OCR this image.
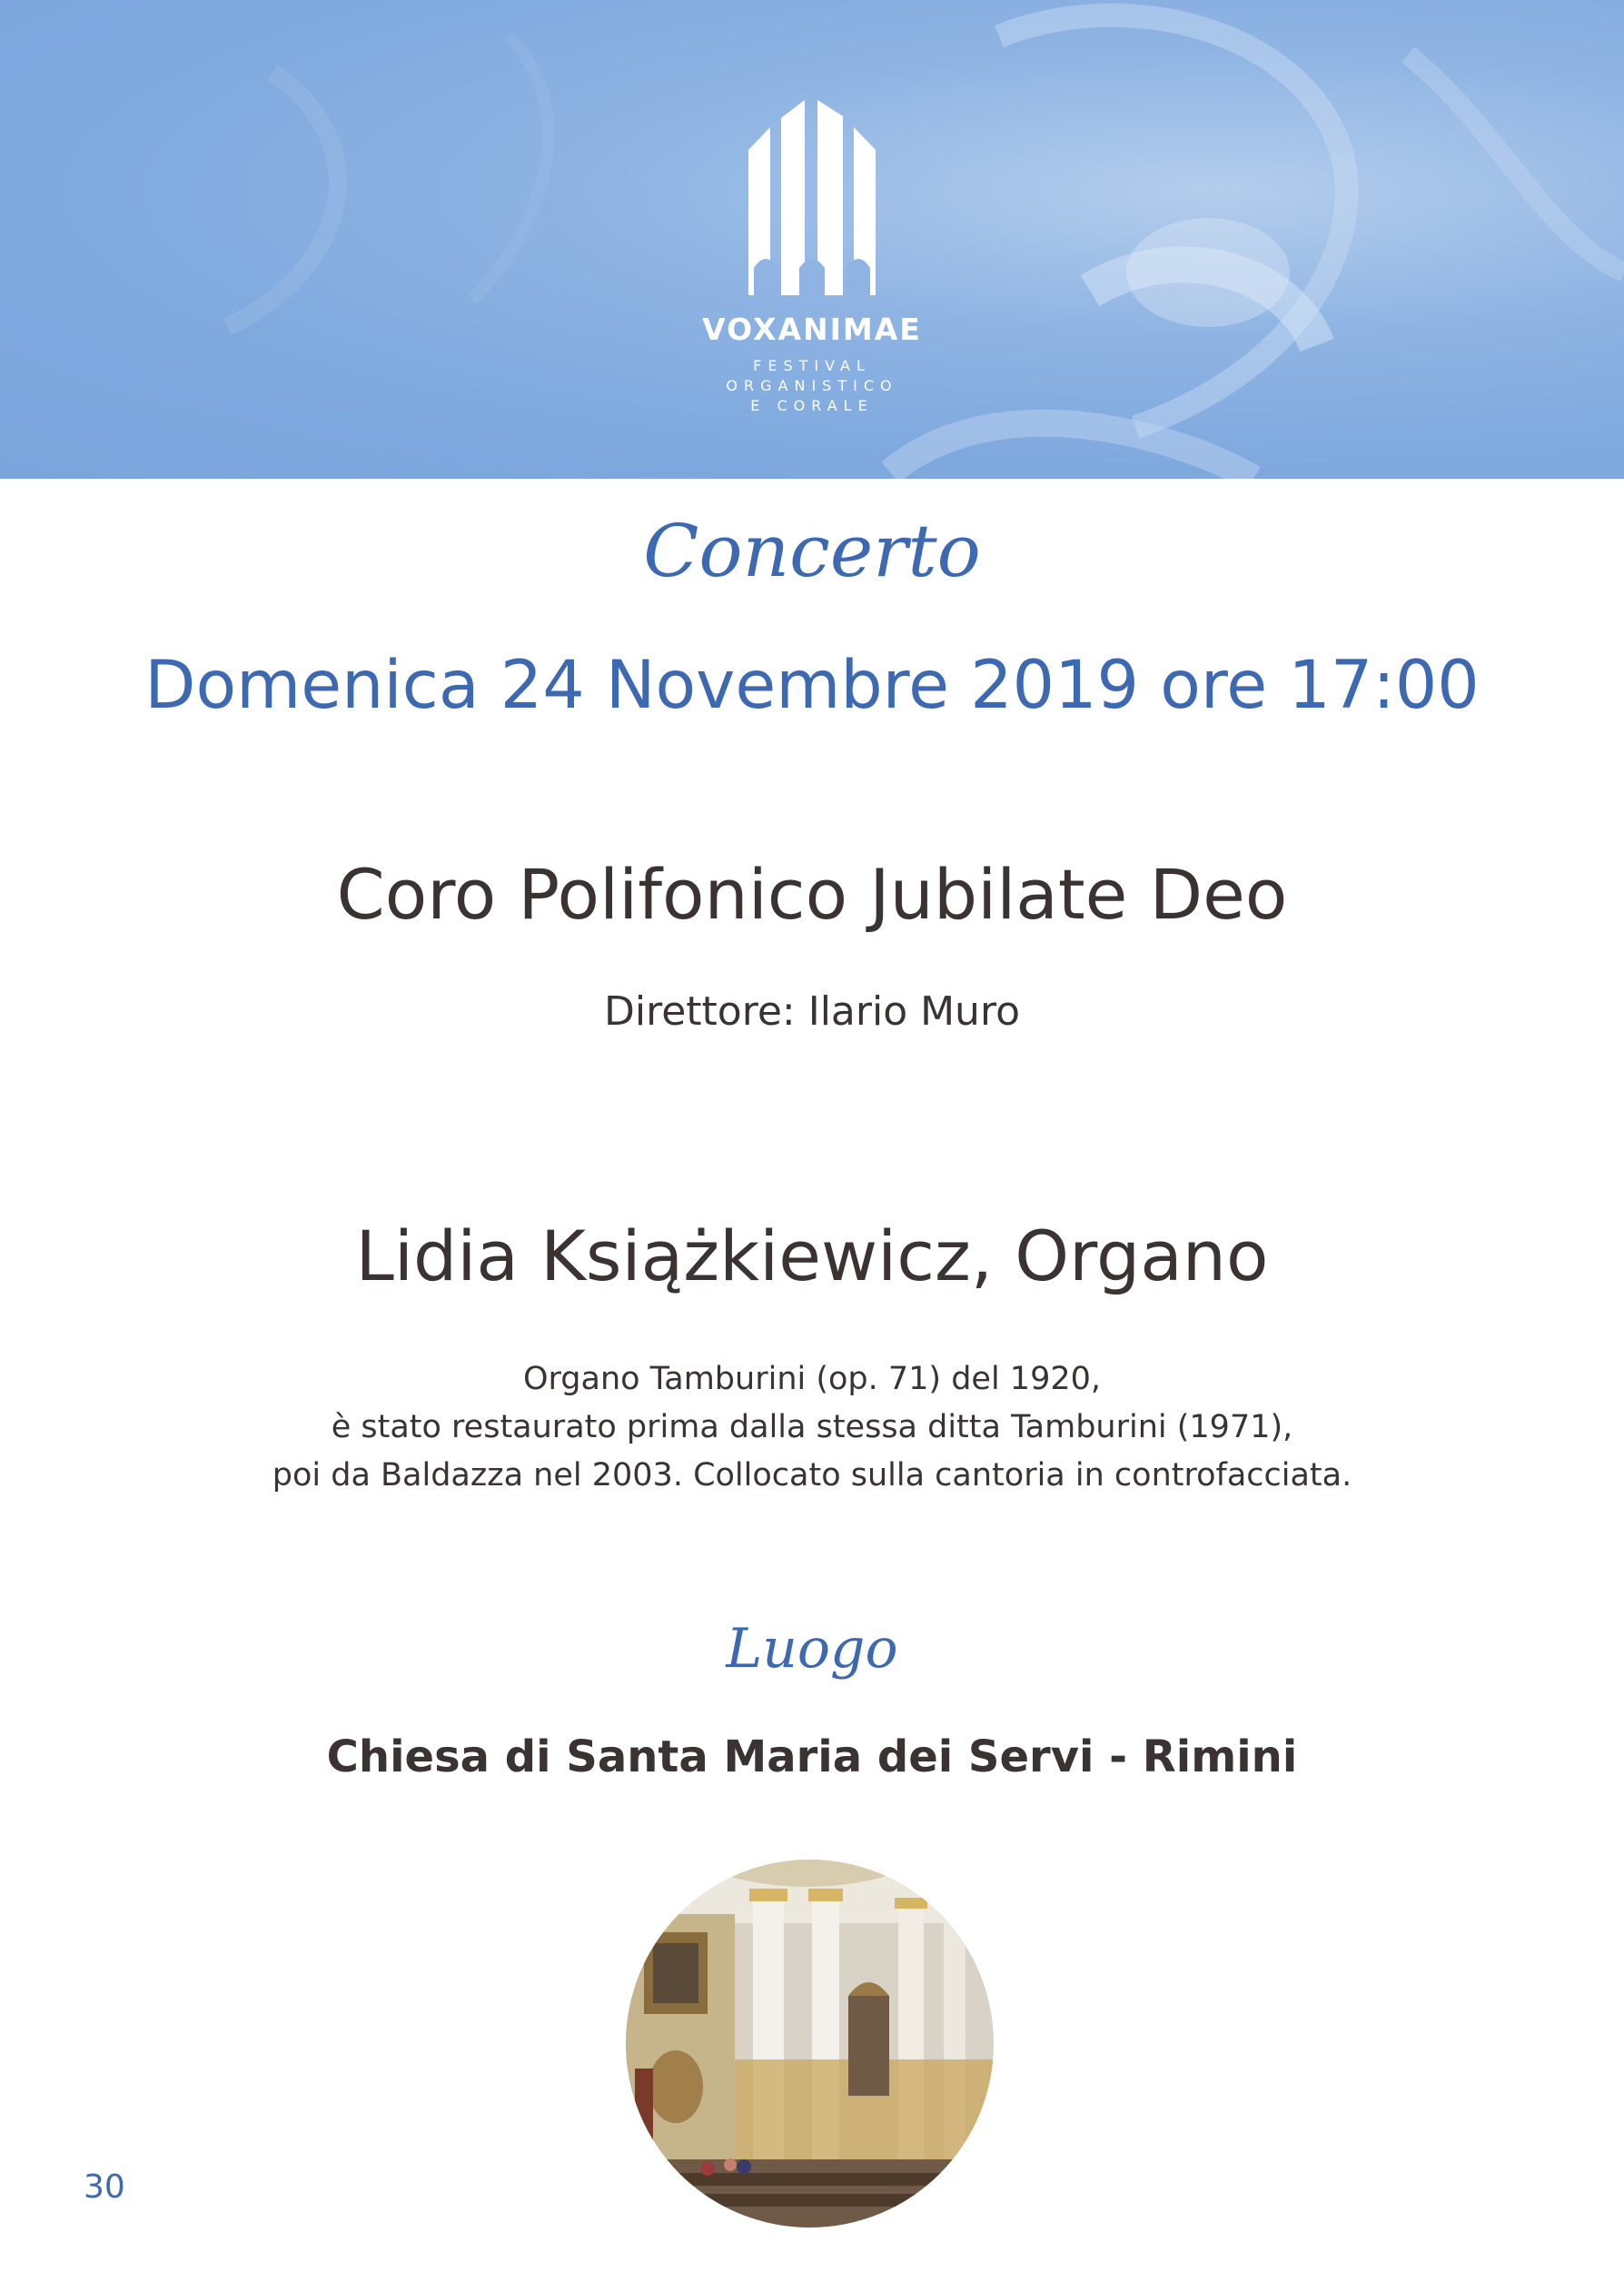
VOXANIMAE
FESTIVAL
ORGANISTICO
E CORALE
Concerto
Domenica 24 Novembre 2019 ore 17:00
Coro Polifonico Jubilate Deo
Direttore: Ilario Muro
Lidia Książkiewicz, Organo
Organo Tamburini (op. 71) del 1920,
è stato restaurato prima dalla stessa ditta Tamburini (1971),
poi da Baldazza nel 2003. Collocato sulla cantoria in controfacciata.
Luogo
Chiesa di Santa Maria dei Servi - Rimini
30
